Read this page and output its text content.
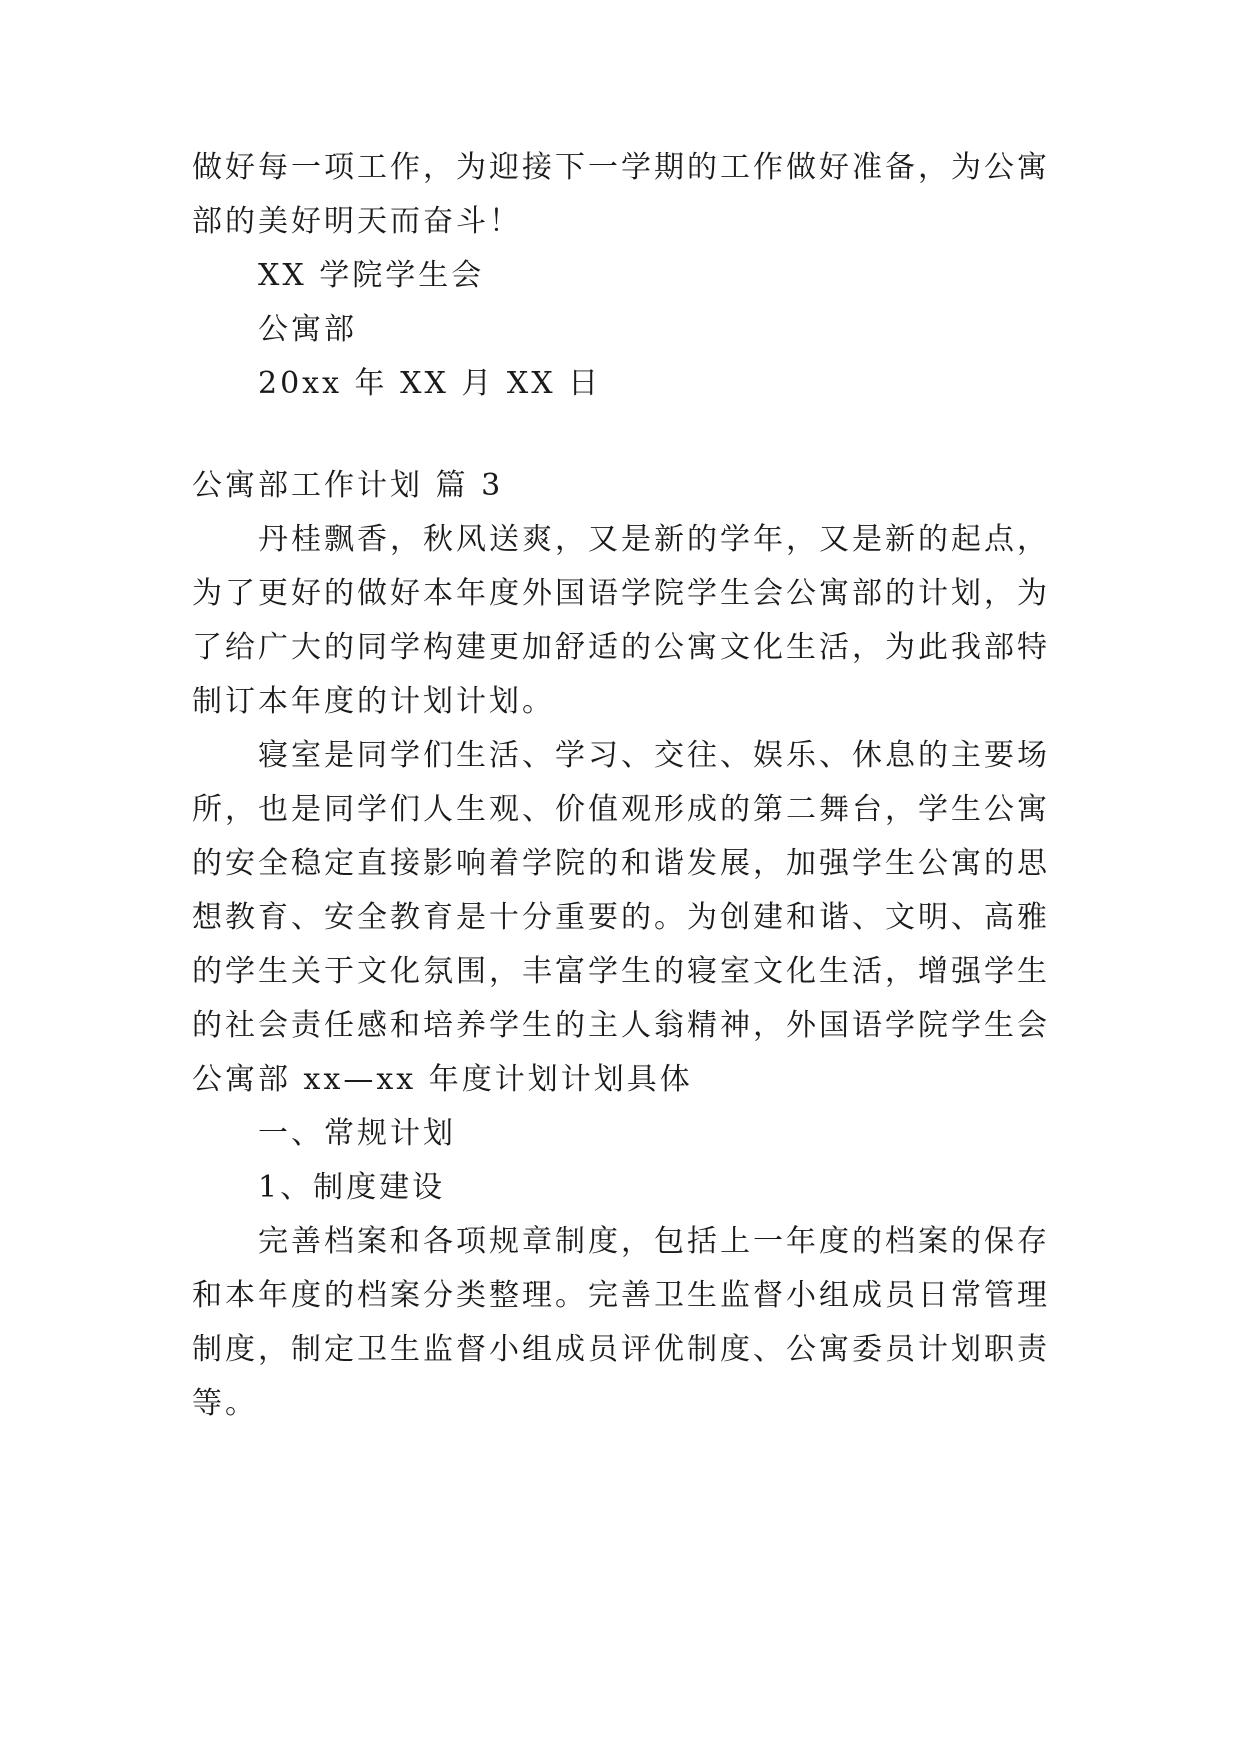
做好每一项工作，为迎接下一学期的工作做好准备，为公寓
部的美好明天而奋斗！
XX 学院学生会
公寓部
20xx 年 XX 月 XX 日
公寓部工作计划 篇 3
丹桂飘香，秋风送爽，又是新的学年，又是新的起点，
为了更好的做好本年度外国语学院学生会公寓部的计划，为
了给广大的同学构建更加舒适的公寓文化生活，为此我部特
制订本年度的计划计划。
寝室是同学们生活、学习、交往、娱乐、休息的主要场
所，也是同学们人生观、价值观形成的第二舞台，学生公寓
的安全稳定直接影响着学院的和谐发展，加强学生公寓的思
想教育、安全教育是十分重要的。为创建和谐、文明、高雅
的学生关于文化氛围，丰富学生的寝室文化生活，增强学生
的社会责任感和培养学生的主人翁精神，外国语学院学生会
公寓部 xx—xx 年度计划计划具体
一、常规计划
1、制度建设
完善档案和各项规章制度，包括上一年度的档案的保存
和本年度的档案分类整理。完善卫生监督小组成员日常管理
制度，制定卫生监督小组成员评优制度、公寓委员计划职责
等。
